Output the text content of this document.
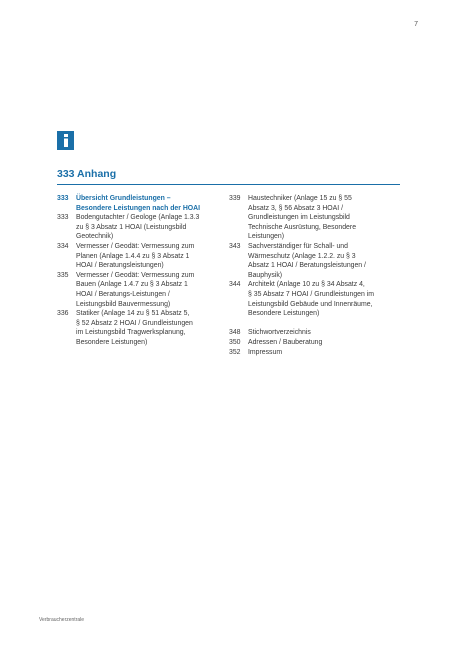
7
333 Anhang
333	Übersicht Grundleistungen –
Besondere Leistungen nach der HOAI
333	Bodengutachter / Geologe (Anlage 1.3.3
zu § 3 Absatz 1 HOAI (Leistungsbild
Geotechnik)
334	Vermesser / Geodät: Vermessung zum
Planen (Anlage 1.4.4 zu § 3 Absatz 1
HOAI / Beratungsleistungen)
335	Vermesser / Geodät: Vermessung zum
Bauen (Anlage 1.4.7 zu § 3 Absatz 1
HOAI / Beratungs-Leistungen /
Leistungsbild Bauvermessung)
336	Statiker (Anlage 14 zu § 51 Absatz 5,
§ 52 Absatz 2 HOAI / Grundleistungen
im Leistungsbild Tragwerksplanung,
Besondere Leistungen)
339	Haustechniker (Anlage 15 zu § 55
Absatz 3, § 56 Absatz 3 HOAI /
Grundleistungen im Leistungsbild
Technische Ausrüstung, Besondere
Leistungen)
343	Sachverständiger für Schall- und
Wärmeschutz (Anlage 1.2.2. zu § 3
Absatz 1 HOAI / Beratungsleistungen /
Bauphysik)
344	Architekt (Anlage 10 zu § 34 Absatz 4,
§ 35 Absatz 7 HOAI / Grundleistungen im
Leistungsbild Gebäude und Innenräume,
Besondere Leistungen)
348	Stichwortverzeichnis
350	Adressen / Bauberatung
352	Impressum
Verbraucherzentrale
